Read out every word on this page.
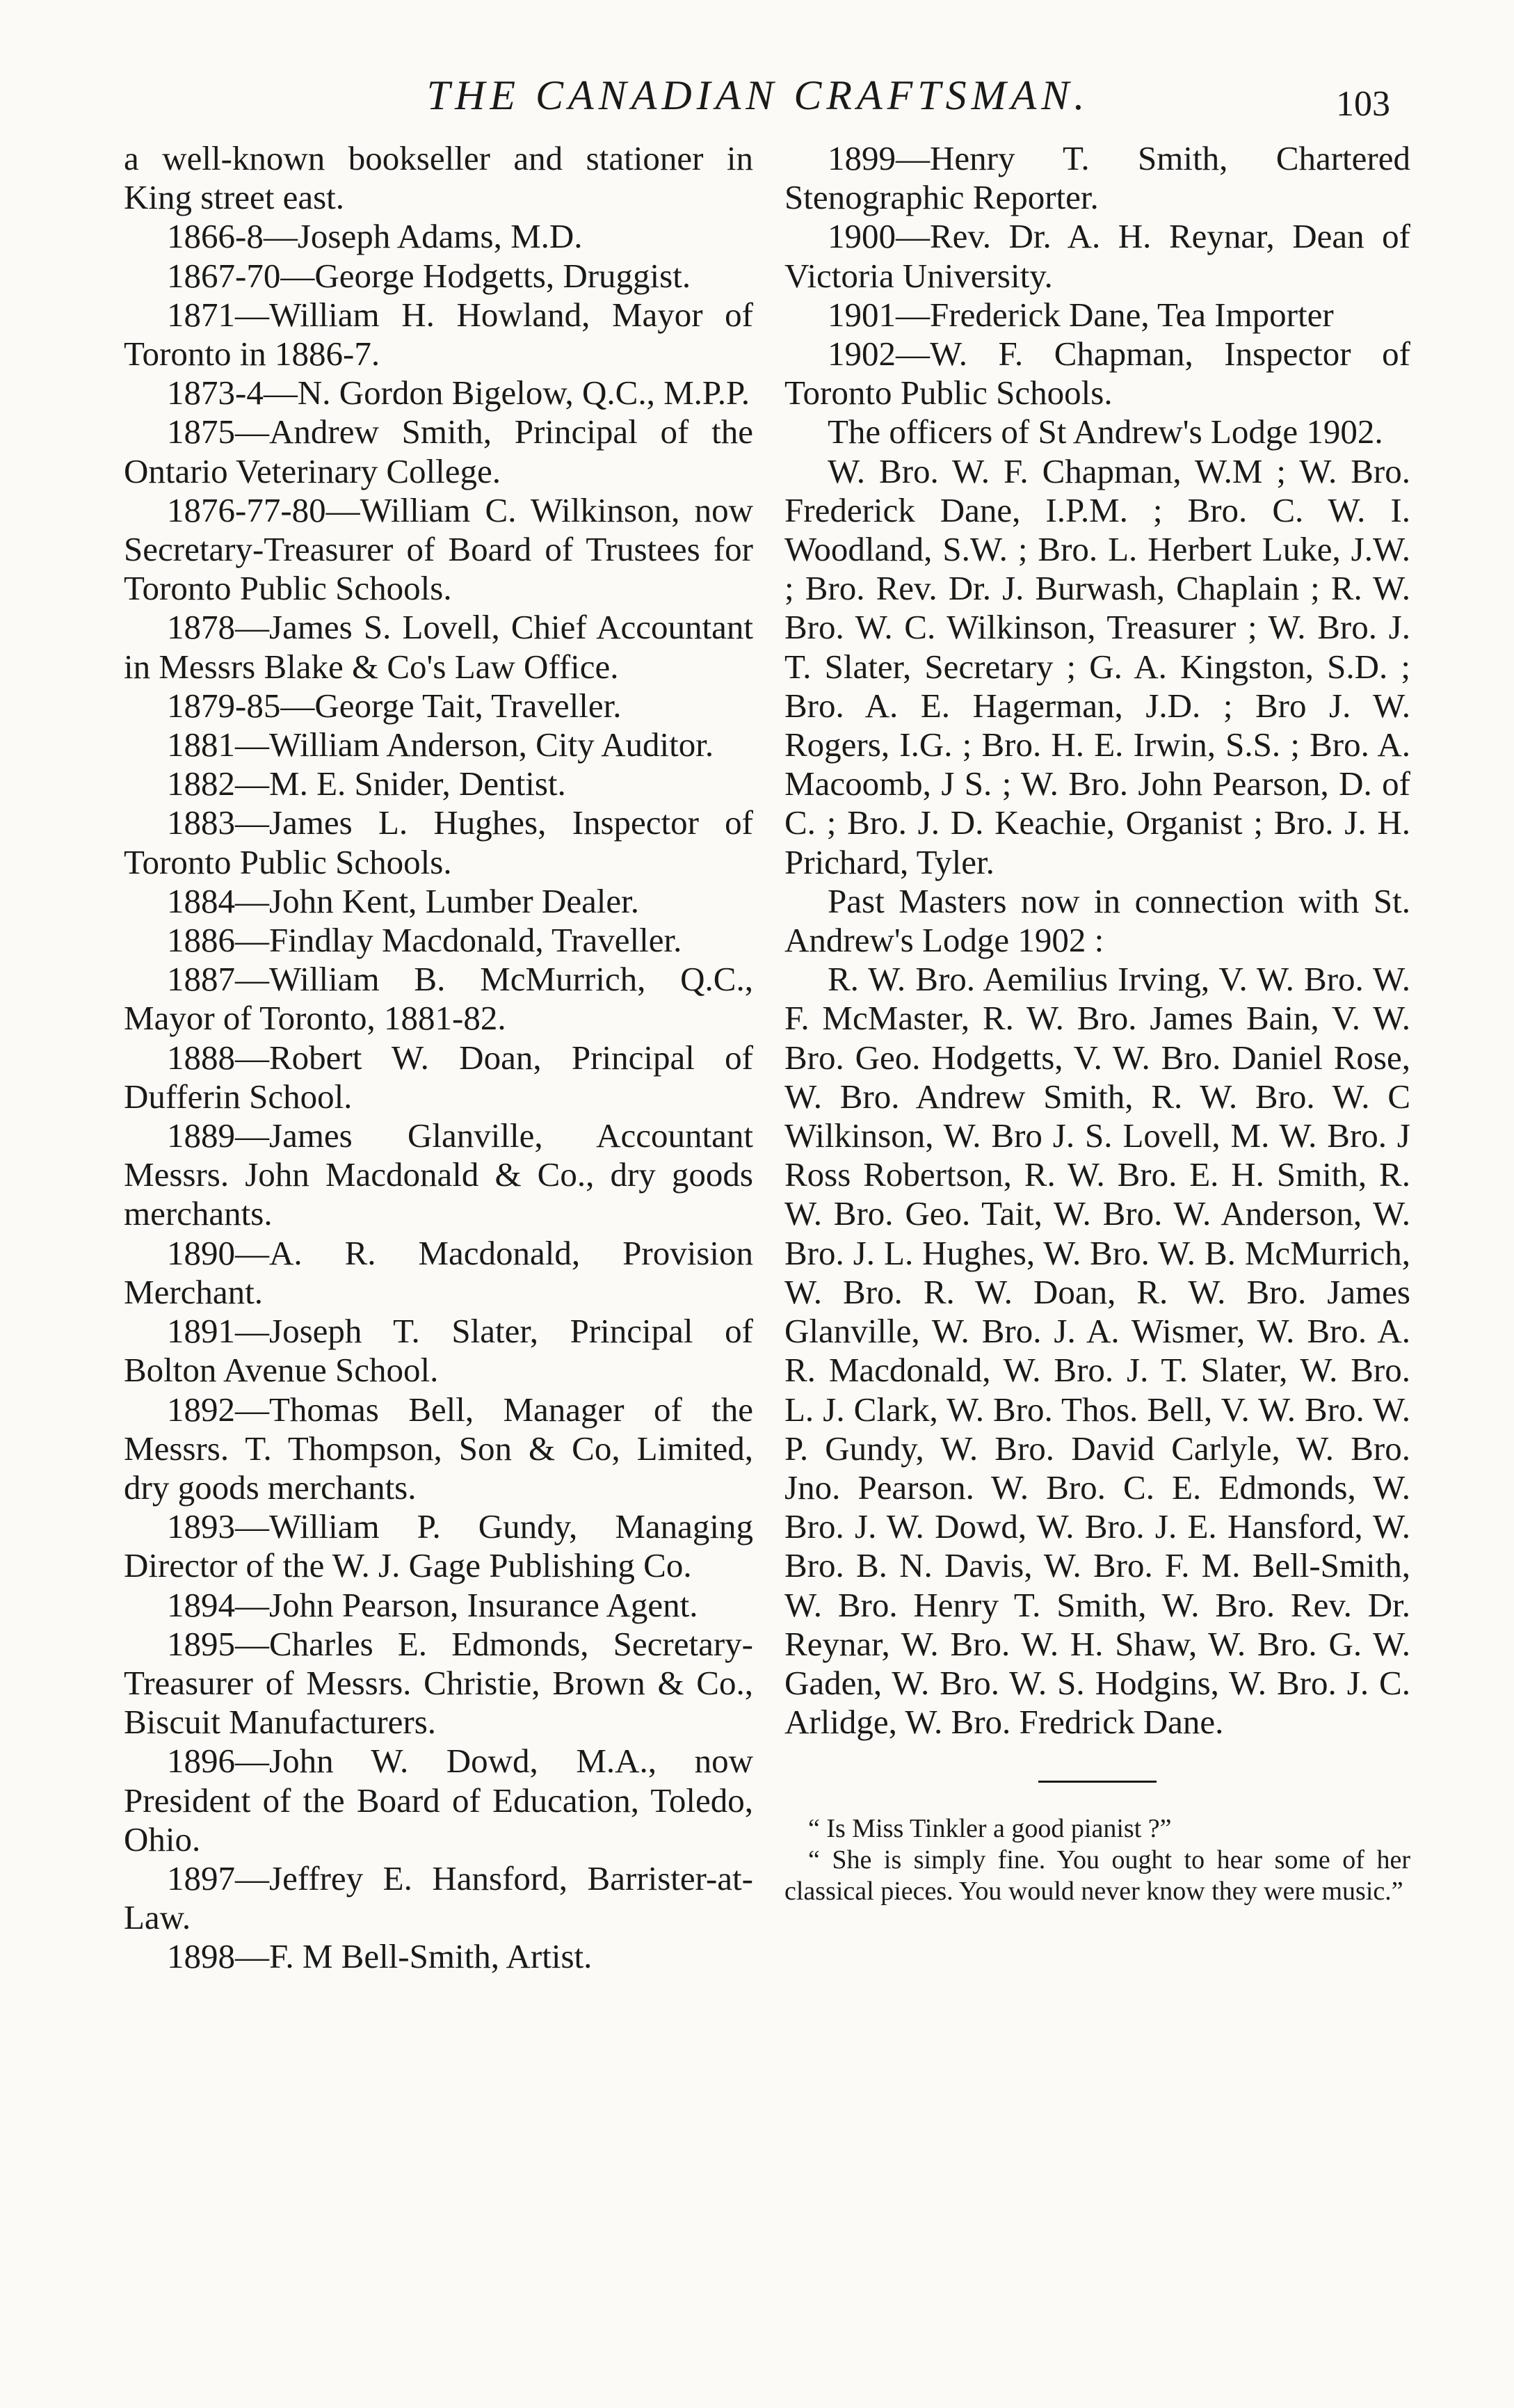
THE CANADIAN CRAFTSMAN.	103

a well-known bookseller and stationer in King street east.

1866-8—Joseph Adams, M.D.

1867-70—George Hodgetts, Druggist.

1871—William H. Howland, Mayor of Toronto in 1886-7.

1873-4—N. Gordon Bigelow, Q.C., M.P.P.

1875—Andrew Smith, Principal of the Ontario Veterinary College.

1876-77-80—William C. Wilkinson, now Secretary-Treasurer of Board of Trustees for Toronto Public Schools.

1878—James S. Lovell, Chief Accountant in Messrs Blake & Co's Law Office.

1879-85—George Tait, Traveller.

1881—William Anderson, City Auditor.

1882—M. E. Snider, Dentist.

1883—James L. Hughes, Inspector of Toronto Public Schools.

1884—John Kent, Lumber Dealer.

1886—Findlay Macdonald, Traveller.

1887—William B. McMurrich, Q.C., Mayor of Toronto, 1881-82.

1888—Robert W. Doan, Principal of Dufferin School.

1889—James Glanville, Accountant Messrs. John Macdonald & Co., dry goods merchants.

1890—A. R. Macdonald, Provision Merchant.

1891—Joseph T. Slater, Principal of Bolton Avenue School.

1892—Thomas Bell, Manager of the Messrs. T. Thompson, Son & Co, Limited, dry goods merchants.

1893—William P. Gundy, Managing Director of the W. J. Gage Publishing Co.

1894—John Pearson, Insurance Agent.

1895—Charles E. Edmonds, Secretary-Treasurer of Messrs. Christie, Brown & Co., Biscuit Manufacturers.

1896—John W. Dowd, M.A., now President of the Board of Education, Toledo, Ohio.

1897—Jeffrey E. Hansford, Barrister-at-Law.

1898—F. M Bell-Smith, Artist.

1899—Henry T. Smith, Chartered Stenographic Reporter.

1900—Rev. Dr. A. H. Reynar, Dean of Victoria University.

1901—Frederick Dane, Tea Importer

1902—W. F. Chapman, Inspector of Toronto Public Schools.

The officers of St Andrew's Lodge 1902.

W. Bro. W. F. Chapman, W.M ; W. Bro. Frederick Dane, I.P.M. ; Bro. C. W. I. Woodland, S.W. ; Bro. L. Herbert Luke, J.W. ; Bro. Rev. Dr. J. Burwash, Chaplain ; R. W. Bro. W. C. Wilkinson, Treasurer ; W. Bro. J. T. Slater, Secretary ; G. A. Kingston, S.D. ; Bro. A. E. Hagerman, J.D. ; Bro J. W. Rogers, I.G. ; Bro. H. E. Irwin, S.S. ; Bro. A. Macoomb, J S. ; W. Bro. John Pearson, D. of C. ; Bro. J. D. Keachie, Organist ; Bro. J. H. Prichard, Tyler.

Past Masters now in connection with St. Andrew's Lodge 1902 :

R. W. Bro. Aemilius Irving, V. W. Bro. W. F. McMaster, R. W. Bro. James Bain, V. W. Bro. Geo. Hodgetts, V. W. Bro. Daniel Rose, W. Bro. Andrew Smith, R. W. Bro. W. C Wilkinson, W. Bro J. S. Lovell, M. W. Bro. J Ross Robertson, R. W. Bro. E. H. Smith, R. W. Bro. Geo. Tait, W. Bro. W. Anderson, W. Bro. J. L. Hughes, W. Bro. W. B. McMurrich, W. Bro. R. W. Doan, R. W. Bro. James Glanville, W. Bro. J. A. Wismer, W. Bro. A. R. Macdonald, W. Bro. J. T. Slater, W. Bro. L. J. Clark, W. Bro. Thos. Bell, V. W. Bro. W. P. Gundy, W. Bro. David Carlyle, W. Bro. Jno. Pearson. W. Bro. C. E. Edmonds, W. Bro. J. W. Dowd, W. Bro. J. E. Hansford, W. Bro. B. N. Davis, W. Bro. F. M. Bell-Smith, W. Bro. Henry T. Smith, W. Bro. Rev. Dr. Reynar, W. Bro. W. H. Shaw, W. Bro. G. W. Gaden, W. Bro. W. S. Hodgins, W. Bro. J. C. Arlidge, W. Bro. Fredrick Dane.

“ Is Miss Tinkler a good pianist ?”

“ She is simply fine. You ought to hear some of her classical pieces. You would never know they were music.”
